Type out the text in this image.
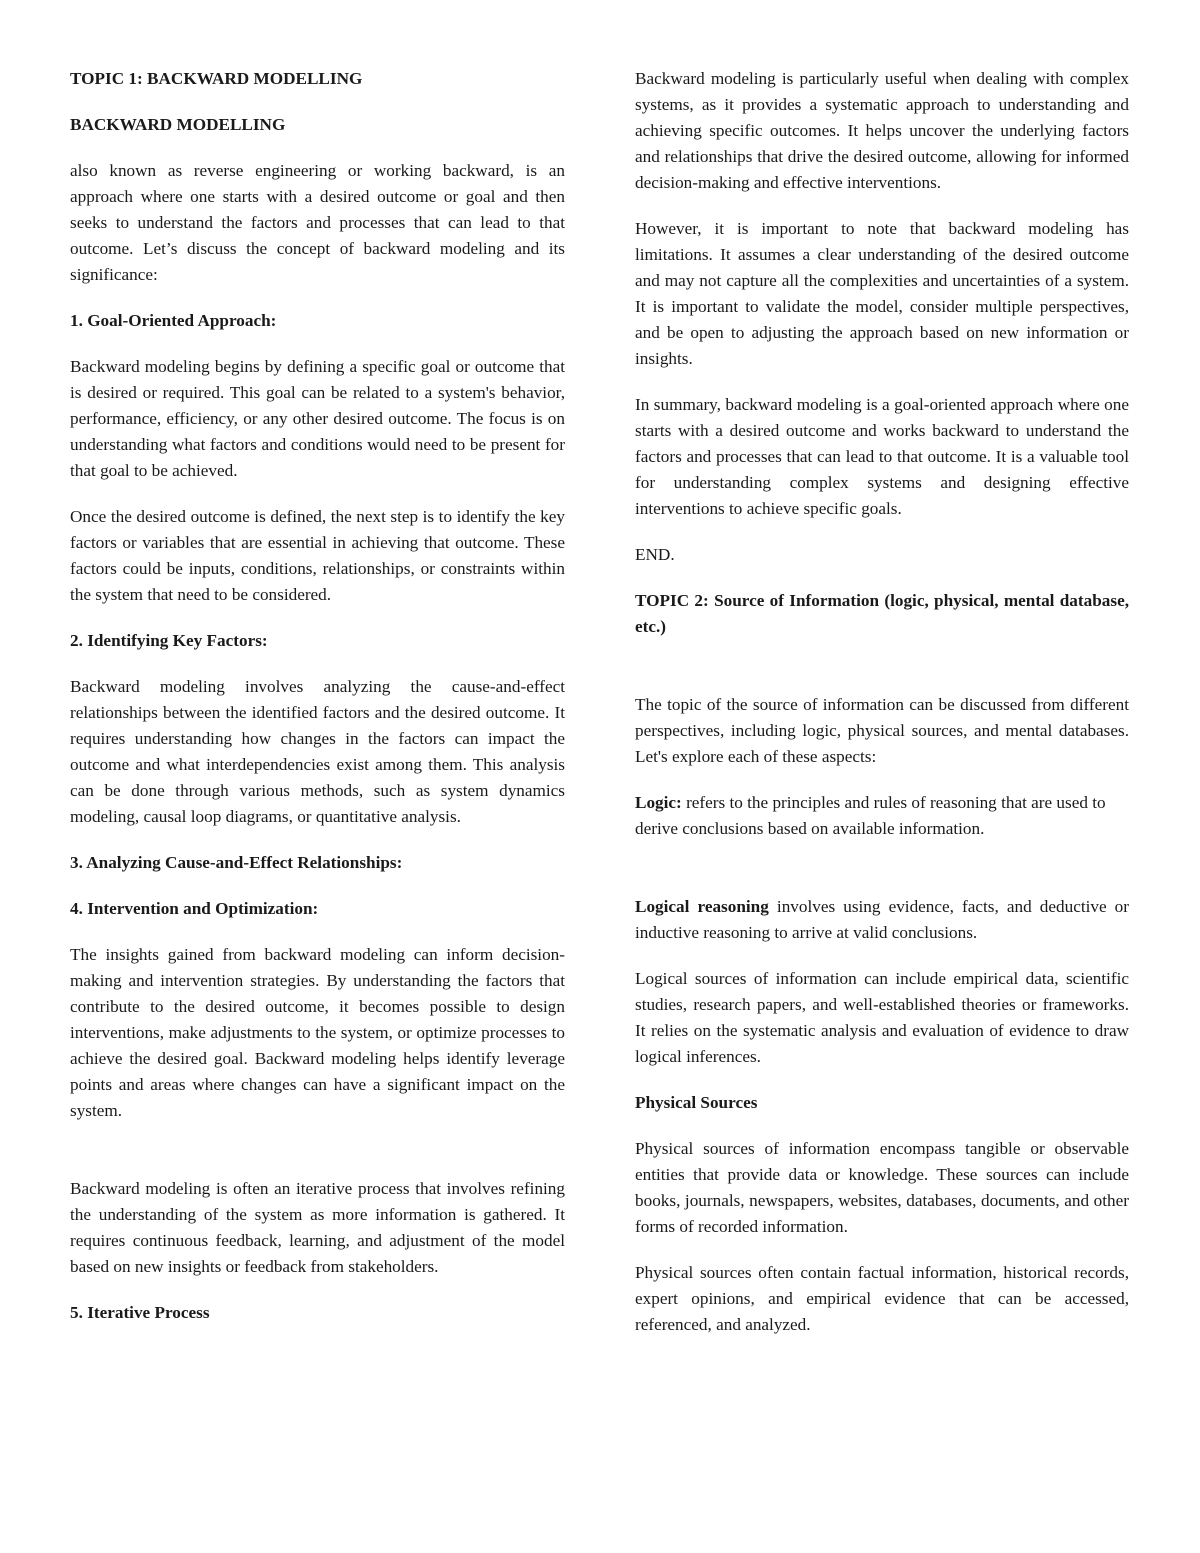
TOPIC 1: BACKWARD MODELLING
BACKWARD MODELLING

also known as reverse engineering or working backward, is an approach where one starts with a desired outcome or goal and then seeks to understand the factors and processes that can lead to that outcome. Let’s discuss the concept of backward modeling and its significance:

1. Goal-Oriented Approach:

Backward modeling begins by defining a specific goal or outcome that is desired or required. This goal can be related to a system's behavior, performance, efficiency, or any other desired outcome. The focus is on understanding what factors and conditions would need to be present for that goal to be achieved.

Once the desired outcome is defined, the next step is to identify the key factors or variables that are essential in achieving that outcome. These factors could be inputs, conditions, relationships, or constraints within the system that need to be considered.

2. Identifying Key Factors:

Backward modeling involves analyzing the cause-and-effect relationships between the identified factors and the desired outcome. It requires understanding how changes in the factors can impact the outcome and what interdependencies exist among them. This analysis can be done through various methods, such as system dynamics modeling, causal loop diagrams, or quantitative analysis.

3. Analyzing Cause-and-Effect Relationships:
4. Intervention and Optimization:

The insights gained from backward modeling can inform decision-making and intervention strategies. By understanding the factors that contribute to the desired outcome, it becomes possible to design interventions, make adjustments to the system, or optimize processes to achieve the desired goal. Backward modeling helps identify leverage points and areas where changes can have a significant impact on the system.

Backward modeling is often an iterative process that involves refining the understanding of the system as more information is gathered. It requires continuous feedback, learning, and adjustment of the model based on new insights or feedback from stakeholders.

5. Iterative Process

Backward modeling is particularly useful when dealing with complex systems, as it provides a systematic approach to understanding and achieving specific outcomes. It helps uncover the underlying factors and relationships that drive the desired outcome, allowing for informed decision-making and effective interventions.

However, it is important to note that backward modeling has limitations. It assumes a clear understanding of the desired outcome and may not capture all the complexities and uncertainties of a system. It is important to validate the model, consider multiple perspectives, and be open to adjusting the approach based on new information or insights.

In summary, backward modeling is a goal-oriented approach where one starts with a desired outcome and works backward to understand the factors and processes that can lead to that outcome. It is a valuable tool for understanding complex systems and designing effective interventions to achieve specific goals.

END.

TOPIC 2: Source of Information (logic, physical, mental database, etc.)

The topic of the source of information can be discussed from different perspectives, including logic, physical sources, and mental databases. Let's explore each of these aspects:

Logic: refers to the principles and rules of reasoning that are used to derive conclusions based on available information.

Logical reasoning involves using evidence, facts, and deductive or inductive reasoning to arrive at valid conclusions.

Logical sources of information can include empirical data, scientific studies, research papers, and well-established theories or frameworks. It relies on the systematic analysis and evaluation of evidence to draw logical inferences.

Physical Sources

Physical sources of information encompass tangible or observable entities that provide data or knowledge. These sources can include books, journals, newspapers, websites, databases, documents, and other forms of recorded information.

Physical sources often contain factual information, historical records, expert opinions, and empirical evidence that can be accessed, referenced, and analyzed.
